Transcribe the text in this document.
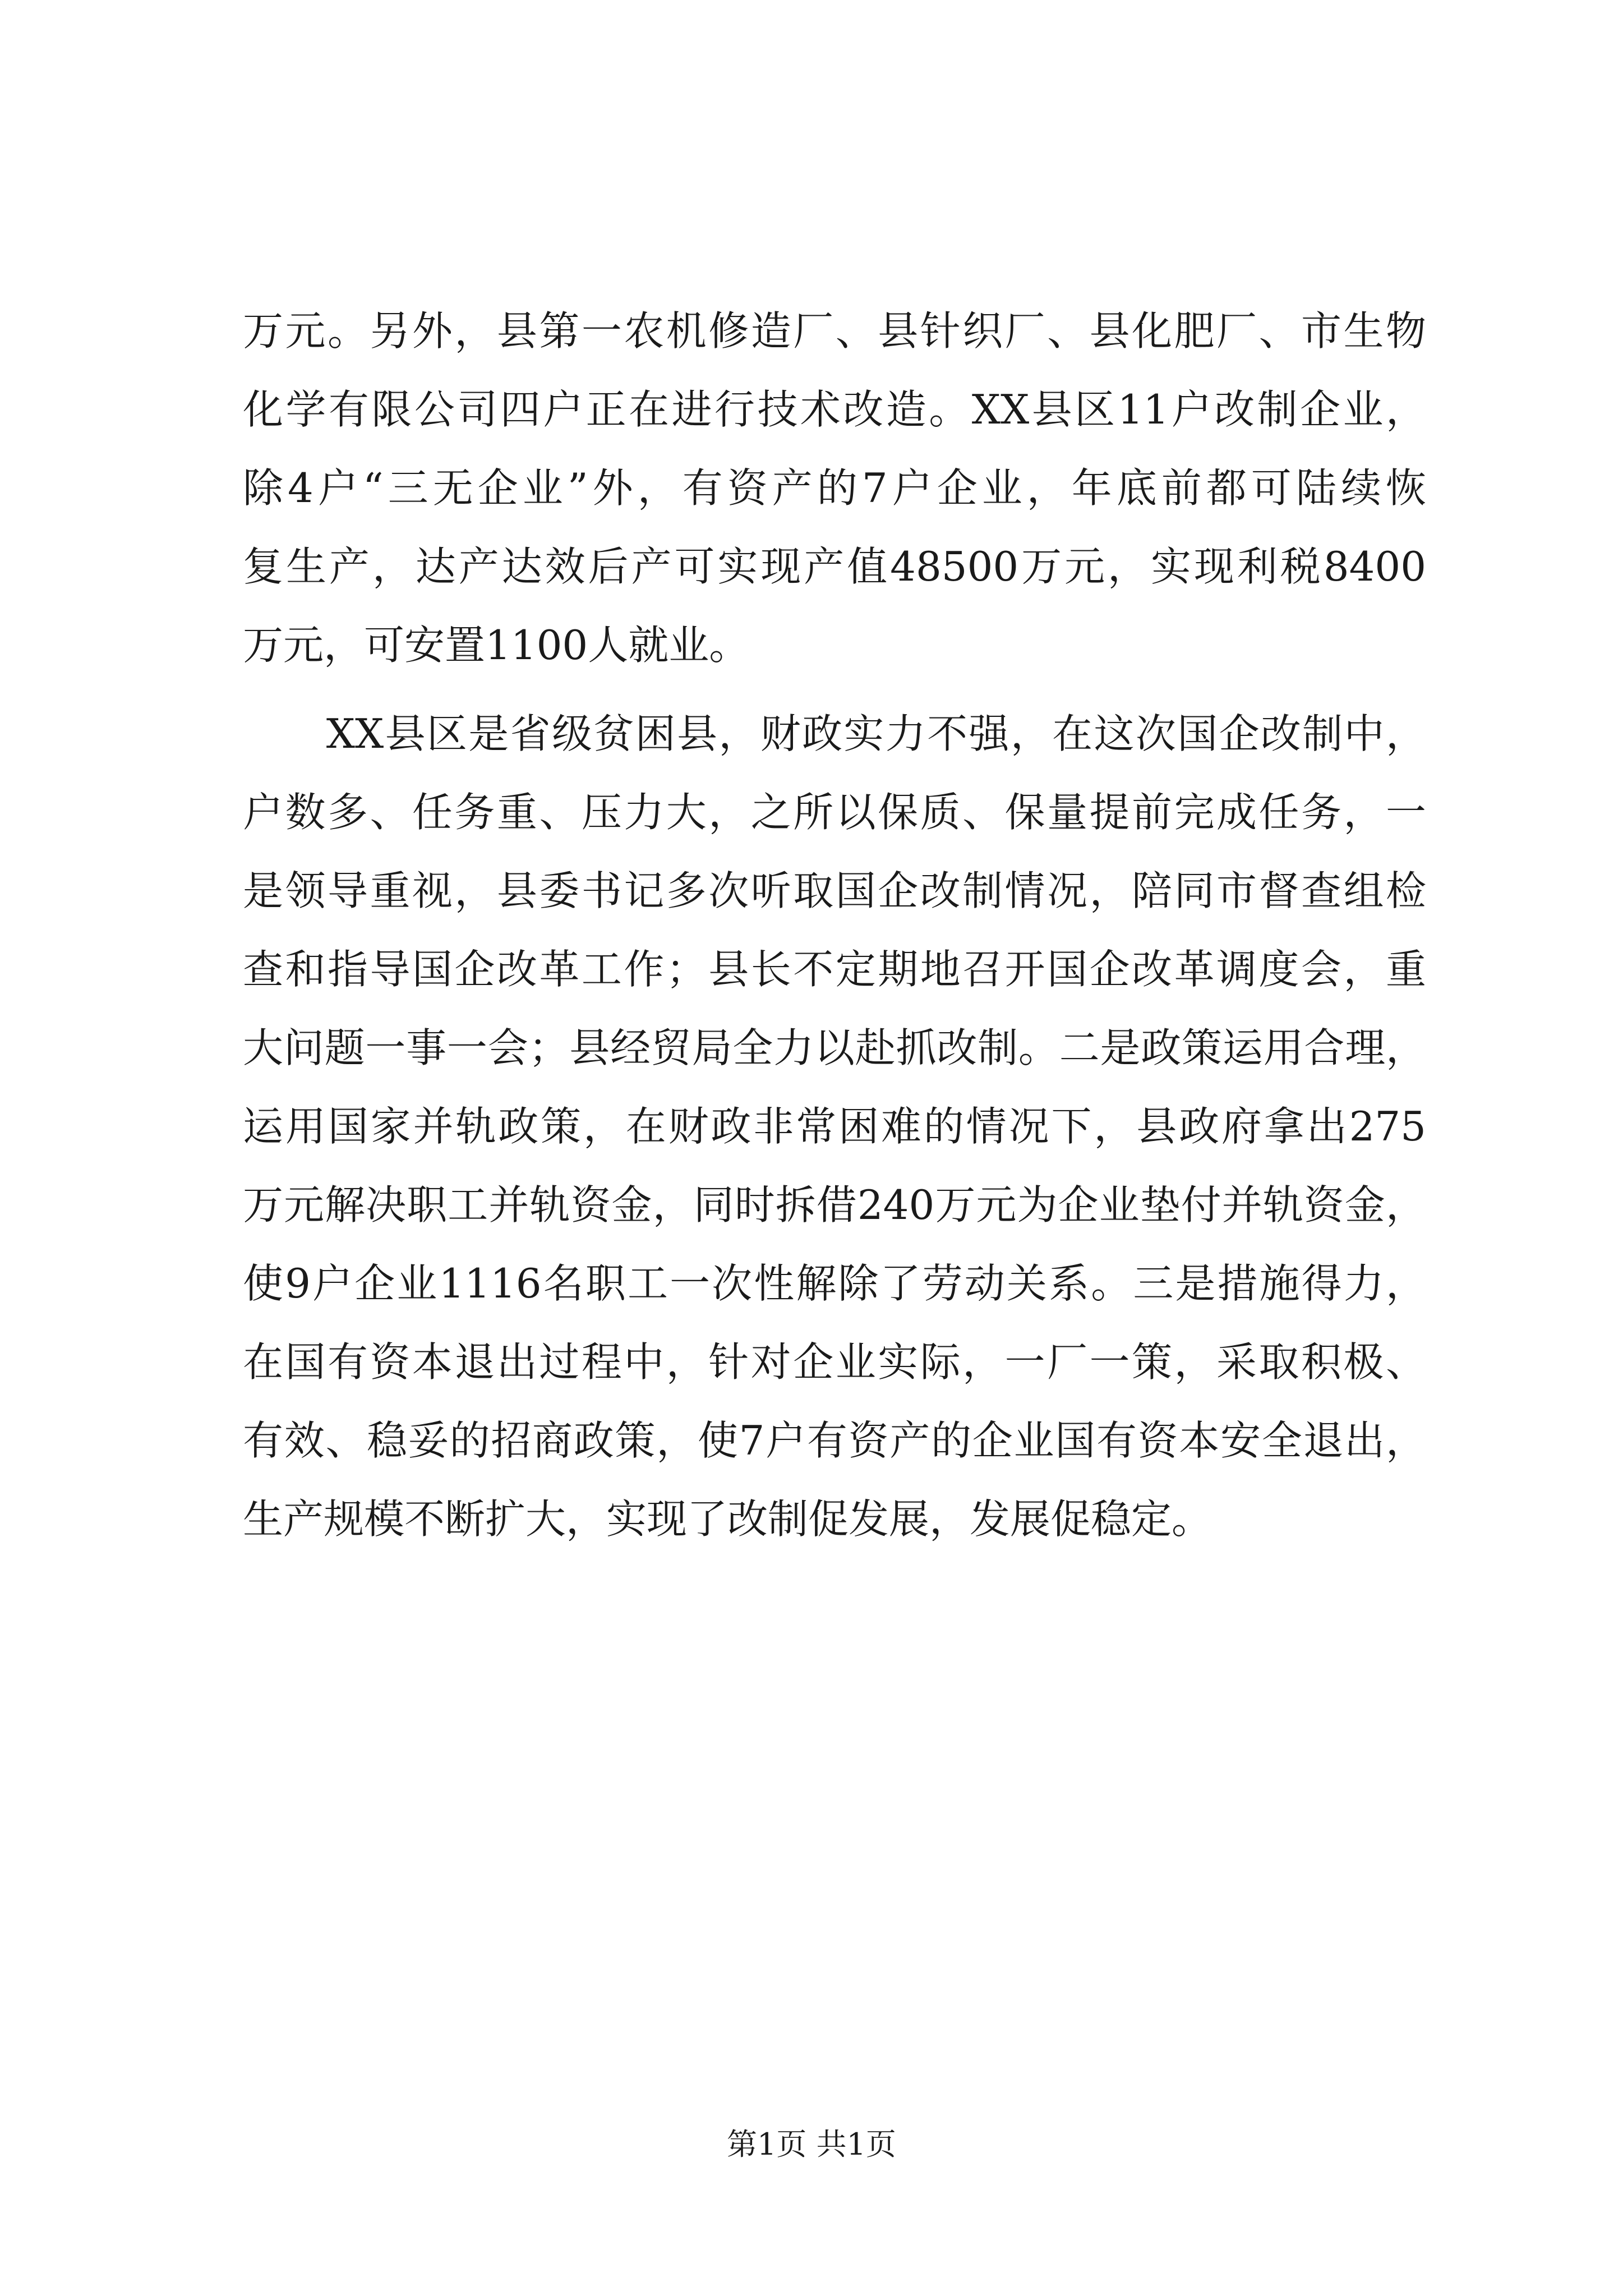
万元。另外，县第一农机修造厂、县针织厂、县化肥厂、市生物
化学有限公司四户正在进行技术改造。XX县区11户改制企业，
除4户“三无企业”外，有资产的7户企业，年底前都可陆续恢
复生产，达产达效后产可实现产值48500万元，实现利税8400
万元，可安置1100人就业。
　　XX县区是省级贫困县，财政实力不强，在这次国企改制中，
户数多、任务重、压力大，之所以保质、保量提前完成任务，一
是领导重视，县委书记多次听取国企改制情况，陪同市督查组检
查和指导国企改革工作；县长不定期地召开国企改革调度会，重
大问题一事一会；县经贸局全力以赴抓改制。二是政策运用合理，
运用国家并轨政策，在财政非常困难的情况下，县政府拿出275
万元解决职工并轨资金，同时拆借240万元为企业垫付并轨资金，
使9户企业1116名职工一次性解除了劳动关系。三是措施得力，
在国有资本退出过程中，针对企业实际，一厂一策，采取积极、
有效、稳妥的招商政策，使7户有资产的企业国有资本安全退出，
生产规模不断扩大，实现了改制促发展，发展促稳定。
第1页 共1页
